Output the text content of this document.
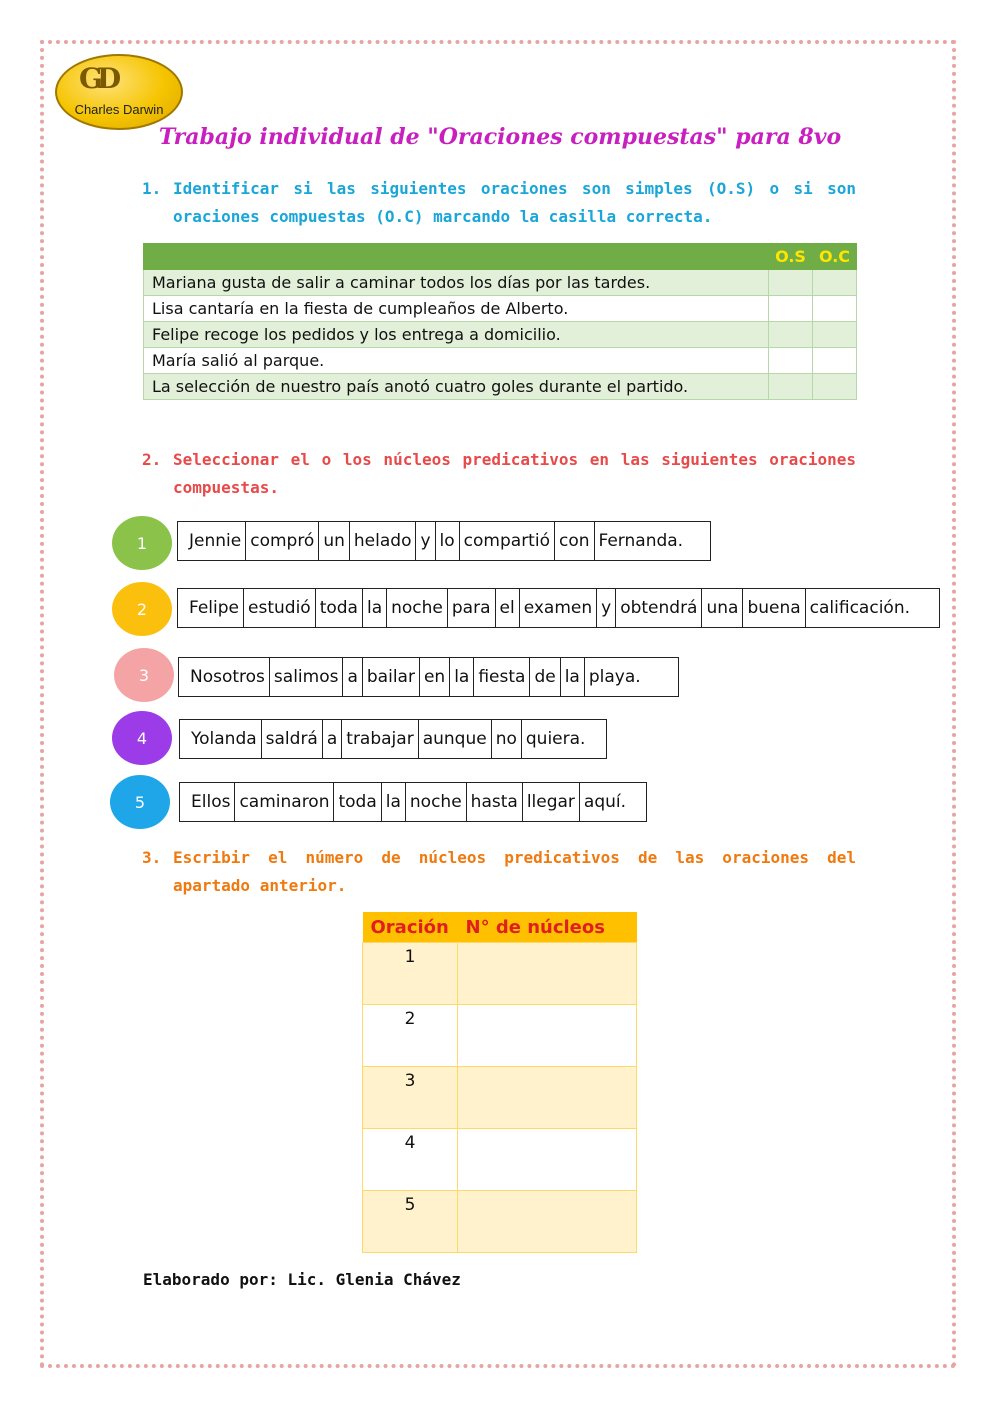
GD
Charles Darwin
Trabajo individual de "Oraciones compuestas" para 8vo
1. Identificar si las siguientes oraciones son simples (O.S) o si son oraciones compuestas (O.C) marcando la casilla correcta.
	O.S	O.C
Mariana gusta de salir a caminar todos los días por las tardes.		
Lisa cantaría en la fiesta de cumpleaños de Alberto.		
Felipe recoge los pedidos y los entrega a domicilio.		
María salió al parque.		
La selección de nuestro país anotó cuatro goles durante el partido.		
2. Seleccionar el o los núcleos predicativos en las siguientes oraciones compuestas.
1	Jennie compró un helado y lo compartió con Fernanda.
2	Felipe estudió toda la noche para el examen y obtendrá una buena calificación.
3	Nosotros salimos a bailar en la fiesta de la playa.
4	Yolanda saldrá a trabajar aunque no quiera.
5	Ellos caminaron toda la noche hasta llegar aquí.
3. Escribir el número de núcleos predicativos de las oraciones del apartado anterior.
Oración	N° de núcleos
1	
2	
3	
4	
5	
Elaborado por: Lic. Glenia Chávez
